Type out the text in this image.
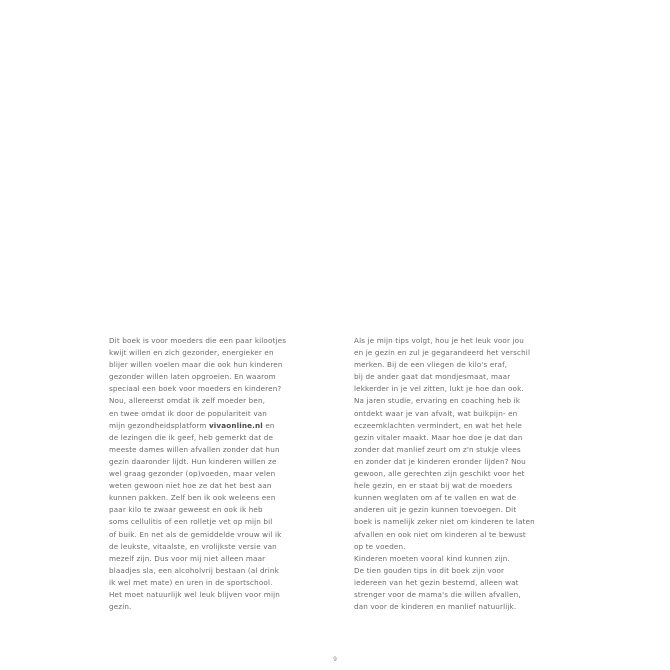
Dit boek is voor moeders die een paar kilootjes
kwijt willen en zich gezonder, energieker en
blijer willen voelen maar die ook hun kinderen
gezonder willen laten opgroeien. En waarom
speciaal een boek voor moeders en kinderen?
Nou, allereerst omdat ik zelf moeder ben,
en twee omdat ik door de populariteit van
mijn gezondheidsplatform vivaonline.nl en
de lezingen die ik geef, heb gemerkt dat de
meeste dames willen afvallen zonder dat hun
gezin daaronder lijdt. Hun kinderen willen ze
wel graag gezonder (op)voeden, maar velen
weten gewoon niet hoe ze dat het best aan
kunnen pakken. Zelf ben ik ook weleens een
paar kilo te zwaar geweest en ook ik heb
soms cellulitis of een rolletje vet op mijn bil
of buik. En net als de gemiddelde vrouw wil ik
de leukste, vitaalste, en vrolijkste versie van
mezelf zijn. Dus voor mij niet alleen maar
blaadjes sla, een alcoholvrij bestaan (al drink
ik wel met mate) en uren in de sportschool.
Het moet natuurlijk wel leuk blijven voor mijn
gezin.
Als je mijn tips volgt, hou je het leuk voor jou
en je gezin en zul je gegarandeerd het verschil
merken. Bij de een vliegen de kilo's eraf,
bij de ander gaat dat mondjesmaat, maar
lekkerder in je vel zitten, lukt je hoe dan ook.
Na jaren studie, ervaring en coaching heb ik
ontdekt waar je van afvalt, wat buikpijn- en
eczeemklachten vermindert, en wat het hele
gezin vitaler maakt. Maar hoe doe je dat dan
zonder dat manlief zeurt om z'n stukje vlees
en zonder dat je kinderen eronder lijden? Nou
gewoon, alle gerechten zijn geschikt voor het
hele gezin, en er staat bij wat de moeders
kunnen weglaten om af te vallen en wat de
anderen uit je gezin kunnen toevoegen. Dit
boek is namelijk zeker niet om kinderen te laten
afvallen en ook niet om kinderen al te bewust
op te voeden.
Kinderen moeten vooral kind kunnen zijn.
De tien gouden tips in dit boek zijn voor
iedereen van het gezin bestemd, alleen wat
strenger voor de mama's die willen afvallen,
dan voor de kinderen en manlief natuurlijk.
9
